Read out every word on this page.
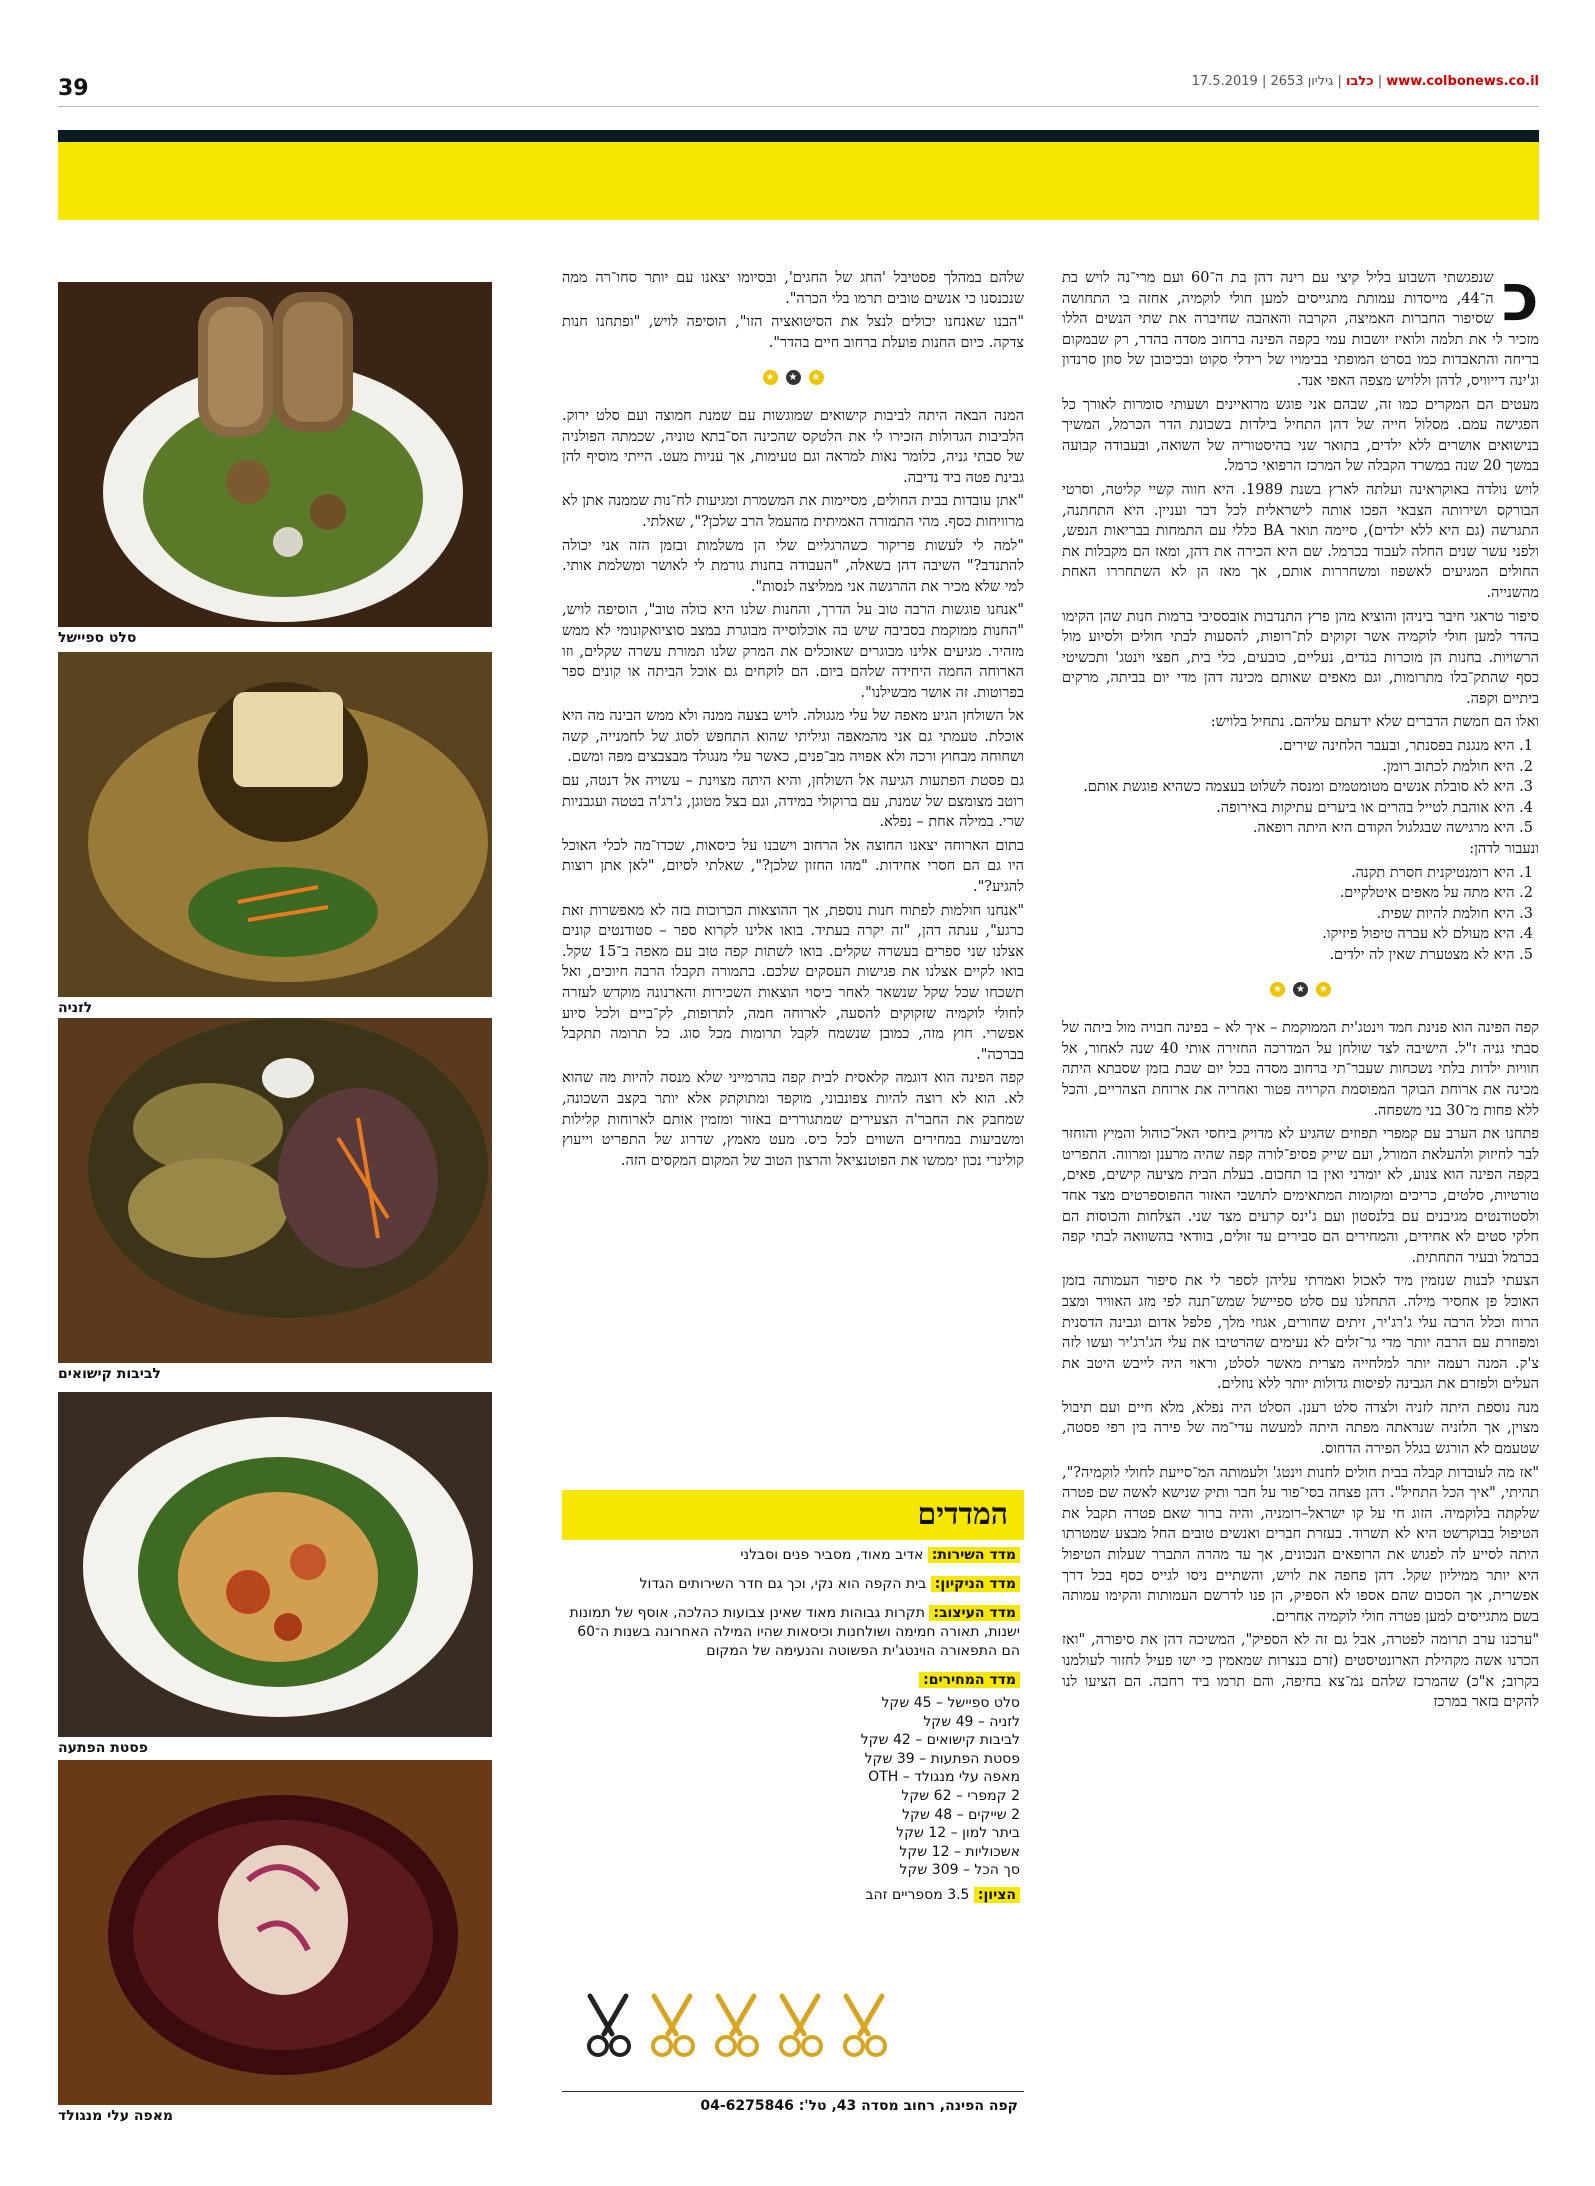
39	www.colbonews.co.il | כלבו | גיליון 2653 | 17.5.2019
סלט ספיישל
לזניה
לביבות קישואים
פסטת הפתעה
מאפה עלי מנגולד

שלהם במהלך פסטיבל 'החג של החגים', ובסיומו יצאנו עם יותר סחו־רה ממה שנכנסנו כי אנשים טובים תרמו בלי הכרה".

"הבנו שאנחנו יכולים לנצל את הסיטואציה הזו", הוסיפה לויש, "ופתחנו חנות צדקה. כיום החנות פועלת ברחוב חיים בהדר".

★★★

המנה הבאה היתה לביבות קישואים שמוגשות עם שמנת חמוצה ועם סלט ירוק. הלביבות הגדולות הזכירו לי את הלטקס שהכינה הס־בתא טוניה, שכמתה הפולניה של סבתי גניה, כלומר נאות למראה וגם טעימות, אך עניות מעט. הייתי מוסיף להן גבינת פטה ביד נדיבה.

"אתן עובדות בבית החולים, מסיימות את המשמרת ומגיעות לח־נות שממנה אתן לא מרוויחות כסף. מהי התמורה האמיתית מהעמל הרב שלכן?", שאלתי.

"למה לי לעשות פריקור כשהרגליים שלי הן משלמות ובזמן הזה אני יכולה להתנדב?" השיבה דהן בשאלה, "העבודה בחנות גורמת לי לאושר ומשלמת אותי. למי שלא מכיר את ההרגשה אני ממליצה לנסות".

"אנחנו פוגשות הרבה טוב על הדרך, והחנות שלנו היא כולה טוב", הוסיפה לויש, "החנות ממוקמת בסביבה שיש בה אוכלוסייה מבוגרת במצב סוציואקונומי לא ממש מזהיר. מגיעים אלינו מבוגרים שאוכלים את המרק שלנו תמורת עשרה שקלים, וזו הארוחה החמה היחידה שלהם ביום. הם לוקחים גם אוכל הביתה או קונים ספר בפרוטות. זה אושר מבשילנו".

אל השולחן הגיע מאפה של עלי מגגולה. לויש בצעה ממנה ולא ממש הבינה מה היא אוכלת. טעמתי גם אני מהמאפה וגיליתי שהוא התחפש לסוג של לחמנייה, קשה ושחוחה מבחוץ ורכה ולא אפויה מב־פנים, כאשר עלי מנגולד מבצבצים מפה ומשם.

גם פסטת הפתעות הגיעה אל השולחן, והיא היתה מצוינת – עשויה אל דנטה, עם רוטב מצומצם של שמנת, עם ברוקולי במידה, וגם בצל מטוגן, ג'רג'ה בטטה ועגבניות שרי. במילה אחת – נפלא.

בתום הארוחה יצאנו החוצה אל הרחוב וישבנו על כיסאות, שכדו־מה לכלי האוכל היו גם הם חסרי אחידות. "מהו החזון שלכן?", שאלתי לסיום, "לאן אתן רוצות להגיע?".

"אנחנו חולמות לפתוח חנות נוספת, אך ההוצאות הכרוכות בזה לא מאפשרות זאת כרגע", ענתה דהן, "זה יקרה בעתיד. בואו אלינו לקרוא ספר – סטודנטים קונים אצלנו שני ספרים בעשרה שקלים. בואו לשתות קפה טוב עם מאפה ב־15 שקל. בואו לקיים אצלנו את פגישות העסקים שלכם. בתמורה תקבלו הרבה חיוכים, ואל תשכחו שכל שקל שנשאר לאחר כיסוי הוצאות השכירות והארנונה מוקדש לעזרה לחולי לוקמיה שזקוקים להסעה, לארוחה חמה, לתרופות, לק־ביים ולכל סיוע אפשרי. חוץ מזה, כמובן שנשמח לקבל תרומות מכל סוג. כל תרומה תתקבל בברכה".

קפה הפינה הוא דוגמה קלאסית לבית קפה בהרמייני שלא מנסה להיות מה שהוא לא. הוא לא רוצה להיות צפונבוני, מוקפד ומתוקתק אלא יותר בקצב השכונה, שמחבק את החבר'ה הצעירים שמתגוררים באזור ומזמין אותם לארוחות קלילות ומשביעות במחירים השווים לכל כיס. מעט מאמץ, שדרוג של התפריט וייעוץ קולינרי נכון יממשו את הפוטנציאל והרצון הטוב של המקום המקסים הזה.

המדדים
מדד השירות: אדיב מאוד, מסביר פנים וסבלני
מדד הניקיון: בית הקפה הוא נקי, וכך גם חדר השירותים הגדול
מדד העיצוב: תקרות גבוהות מאוד שאינן צבועות כהלכה, אוסף של תמונות ישנות, תאורה חמימה ושולחנות וכיסאות שהיו המילה האחרונה בשנות ה־60 הם התפאורה הוינטג'ית הפשוטה והנעימה של המקום
מדד המחירים:
סלט ספיישל – 45 שקל
לזניה – 49 שקל
לביבות קישואים – 42 שקל
פסטת הפתעות – 39 שקל
מאפה עלי מנגולד – OTH
2 קמפרי – 62 שקל
2 שייקים – 48 שקל
ביתר למון – 12 שקל
אשכוליות – 12 שקל
סך הכל – 309 שקל
הציון: 3.5 מספריים זהב
קפה הפינה, רחוב מסדה 43, טל': 04-6275846
כ

שנפגשתי השבוע בליל קיצי עם רינה דהן בת ה־60 ועם מרי־נה לויש בת ה־44, מייסדות עמותת מתגייסים למען חולי לוקמיה, אחזה בי התחושה שסיפור החברות האמיצה, הקרבה והאהבה שחיברה את שתי הנשים הללו מזכיר לי את תלמה ולואיז יושבות עמי בקפה הפינה ברחוב מסדה בהדר, רק שבמקום בריחה והתאבדות כמו בסרט המופתי בבימויו של רידלי סקוט ובכיכובן של סוזן סרנדון וג'ינה דייוויס, לדהן וללויש מצפה האפי אנד.

מעטים הם המקרים כמו זה, שבהם אני פוגש מרואיינים ושעותי סומרות לאורך כל הפגישה עמם. מסלול חייה של דהן התחיל בילדות בשכונת הדר הכרמל, המשיך בנישואים אושרים ללא ילדים, בתואר שני בהיסטוריה של השואה, ובעבודה קבועה במשך 20 שנה במשרד הקבלה של המרכז הרפואי כרמל.

לויש נולדה באוקראינה ועלתה לארץ בשנת 1989. היא חווה קשיי קליטה, וסרטי הבורקס ושירותה הצבאי הפכו אותה לישראלית לכל דבר ועניין. היא התחתנה, התגרשה (גם היא ללא ילדים), סיימה תואר BA כללי עם התמחות בבריאות הנפש, ולפני עשר שנים החלה לעבוד בכרמל. שם היא הכירה את דהן, ומאז הם מקבלות את החולים המגיעים לאשפוז ומשחררות אותם, אך מאז הן לא השתחררו האחת מהשנייה.

סיפור טראגי חיבר ביניהן והוציא מהן פרץ התנדבות אובססיבי ברמות חנות שהן הקימו בהדר למען חולי לוקמיה אשר זקוקים לת־רופות, להסעות לבתי חולים ולסיוע מול הרשויות. בחנות הן מוכרות בגדים, נעליים, כובעים, כלי בית, חפצי וינטג' ותכשיטי כסף שהתק־בלו מתרומות, וגם מאפים שאותם מכינה דהן מדי יום בביתה, מרקים ביתיים וקפה.

ואלו הם חמשת הדברים שלא ידעתם עליהם. נתחיל בלויש:

1. היא מנגנת בפסנתר, ובעבר הלחינה שירים.

2. היא חולמת לכתוב רומן.

3. היא לא סובלת אנשים מטומטמים ומנסה לשלוט בעצמה כשהיא פוגשת אותם.

4. היא אוהבת לטייל בהרים או ביערים עתיקות באירופה.

5. היא מרגישה שבגלגול הקודם היא היתה רופאה.

ונעבור לדהן:

1. היא רומנטיקנית חסרת תקנה.

2. היא מתה על מאפים איטלקיים.

3. היא חולמת להיות שפית.

4. היא מעולם לא עברה טיפול פיזיקו.

5. היא לא מצטערת שאין לה ילדים.

★★★

קפה הפינה הוא פנינת חמד וינטג'ית הממוקמת – איך לא – בפינה חבויה מול ביתה של סבתי גניה ז"ל. הישיבה לצד שולחן על המדרכה החזירה אותי 40 שנה לאחור, אל חוויות ילדות בלתי נשכחות שעבר־תי ברחוב מסדה בכל יום שבת בזמן שסבתא היתה מכינה את ארוחת הבוקר המפוסמת הקרויה פטור ואחריה את ארוחת הצהריים, והכל ללא פחות מ־30 בני משפחה.

פתחנו את הערב עם קמפרי תפוזים שהגיע לא מדויק ביחסי האל־כוהול והמיץ והוחזר לבר לחיזוק ולהעלאת המורל, ועם שייק פסיפ־לורה קפה שהיה מרענן ומרווה. התפריט בקפה הפינה הוא צנוע, לא יומרני ואין בו תחכום. בעלת הבית מציעה קישים, פאים, טורטיות, סלטים, כריכים ומקומות המתאימים לתושבי האזור ההפוספרטים מצד אחד ולסטודנטים מגיבנים עם בלנסטון ועם ג'ינס קרעים מצד שני. הצלחות והכוסות הם חלקי סטים לא אחידים, והמחירים הם סבירים עד זולים, בוודאי בהשוואה לבתי קפה בכרמל ובעיר התחתית.

הצעתי לבנות שנזמין מיד לאכול ואמרתי עליהן לספר לי את סיפור העמותה בזמן האוכל פן אחסיר מילה. התחלנו עם סלט ספיישל שמש־תנה לפי מזג האוויר ומצב הרוח וכלל הרבה עלי ג'רג'יר, זיתים שחורים, אגוזי מלך, פלפל אדום וגבינה הדסנית ומפוזרת עם הרבה יותר מדי גר־זלים לא נעימים שהרטיבו את עלי הג'רג'יר ועשו לזה צ'ק. המנה רעמה יותר למלחייה מצרית מאשר לסלט, וראוי היה לייבש היטב את העלים ולפזרם את הגבינה לפיסות גדולות יותר ללא נוזלים.

מנה נוספת היתה לזניה ולצדה סלט רענן. הסלט היה נפלא, מלא חיים ועם תיבול מצוין, אך הלזניה שנראתה מפתה היתה למעשה עדי־מה של פירה בין רפי פסטה, שטעמם לא הורגש בגלל הפירה הדחוס.

"אז מה לעובדות קבלה בבית חולים לחנות וינטג' ולעמותה המ־סייעת לחולי לוקמיה?", תהיתי, "איך הכל התחיל". דהן פצחה בסי־פור על חבר ותיק שנישא לאשה שם פטרה שלקתה בלוקמיה. הזוג חי על קו ישראל–רומניה, והיה ברור שאם פטרה תקבל את הטיפול בבוקרשט היא לא תשרוד. בעזרת חברים ואנשים טובים החל מבצע שמטרתו היתה לסייע לה לפגוש את הרופאים הנכונים, אך עד מהרה התברר שעלות הטיפול היא יותר ממיליון שקל. דהן פחפה את לויש, והשתיים ניסו לגייס כסף בכל דרך אפשרית, אך הסכום שהם אספו לא הספיק, הן פנו לדרשם העמותות והקימו עמותה בשם מתגייסים למען פטרה חולי לוקמיה אחרים.

"ערכנו ערב תרומה לפטרה, אבל גם זה לא הספיק", המשיכה דהן את סיפורה, "ואז הכרנו אשה מקהילת הארונטיסטים (זרם בנצרות שמאמין כי ישו פעיל לחזור לעולמנו בקרוב; א"כ) שהמרכז שלהם נמ־צא בחיפה, והם תרמו ביד רחבה. הם הציעו לנו להקים בזאר במרכז
